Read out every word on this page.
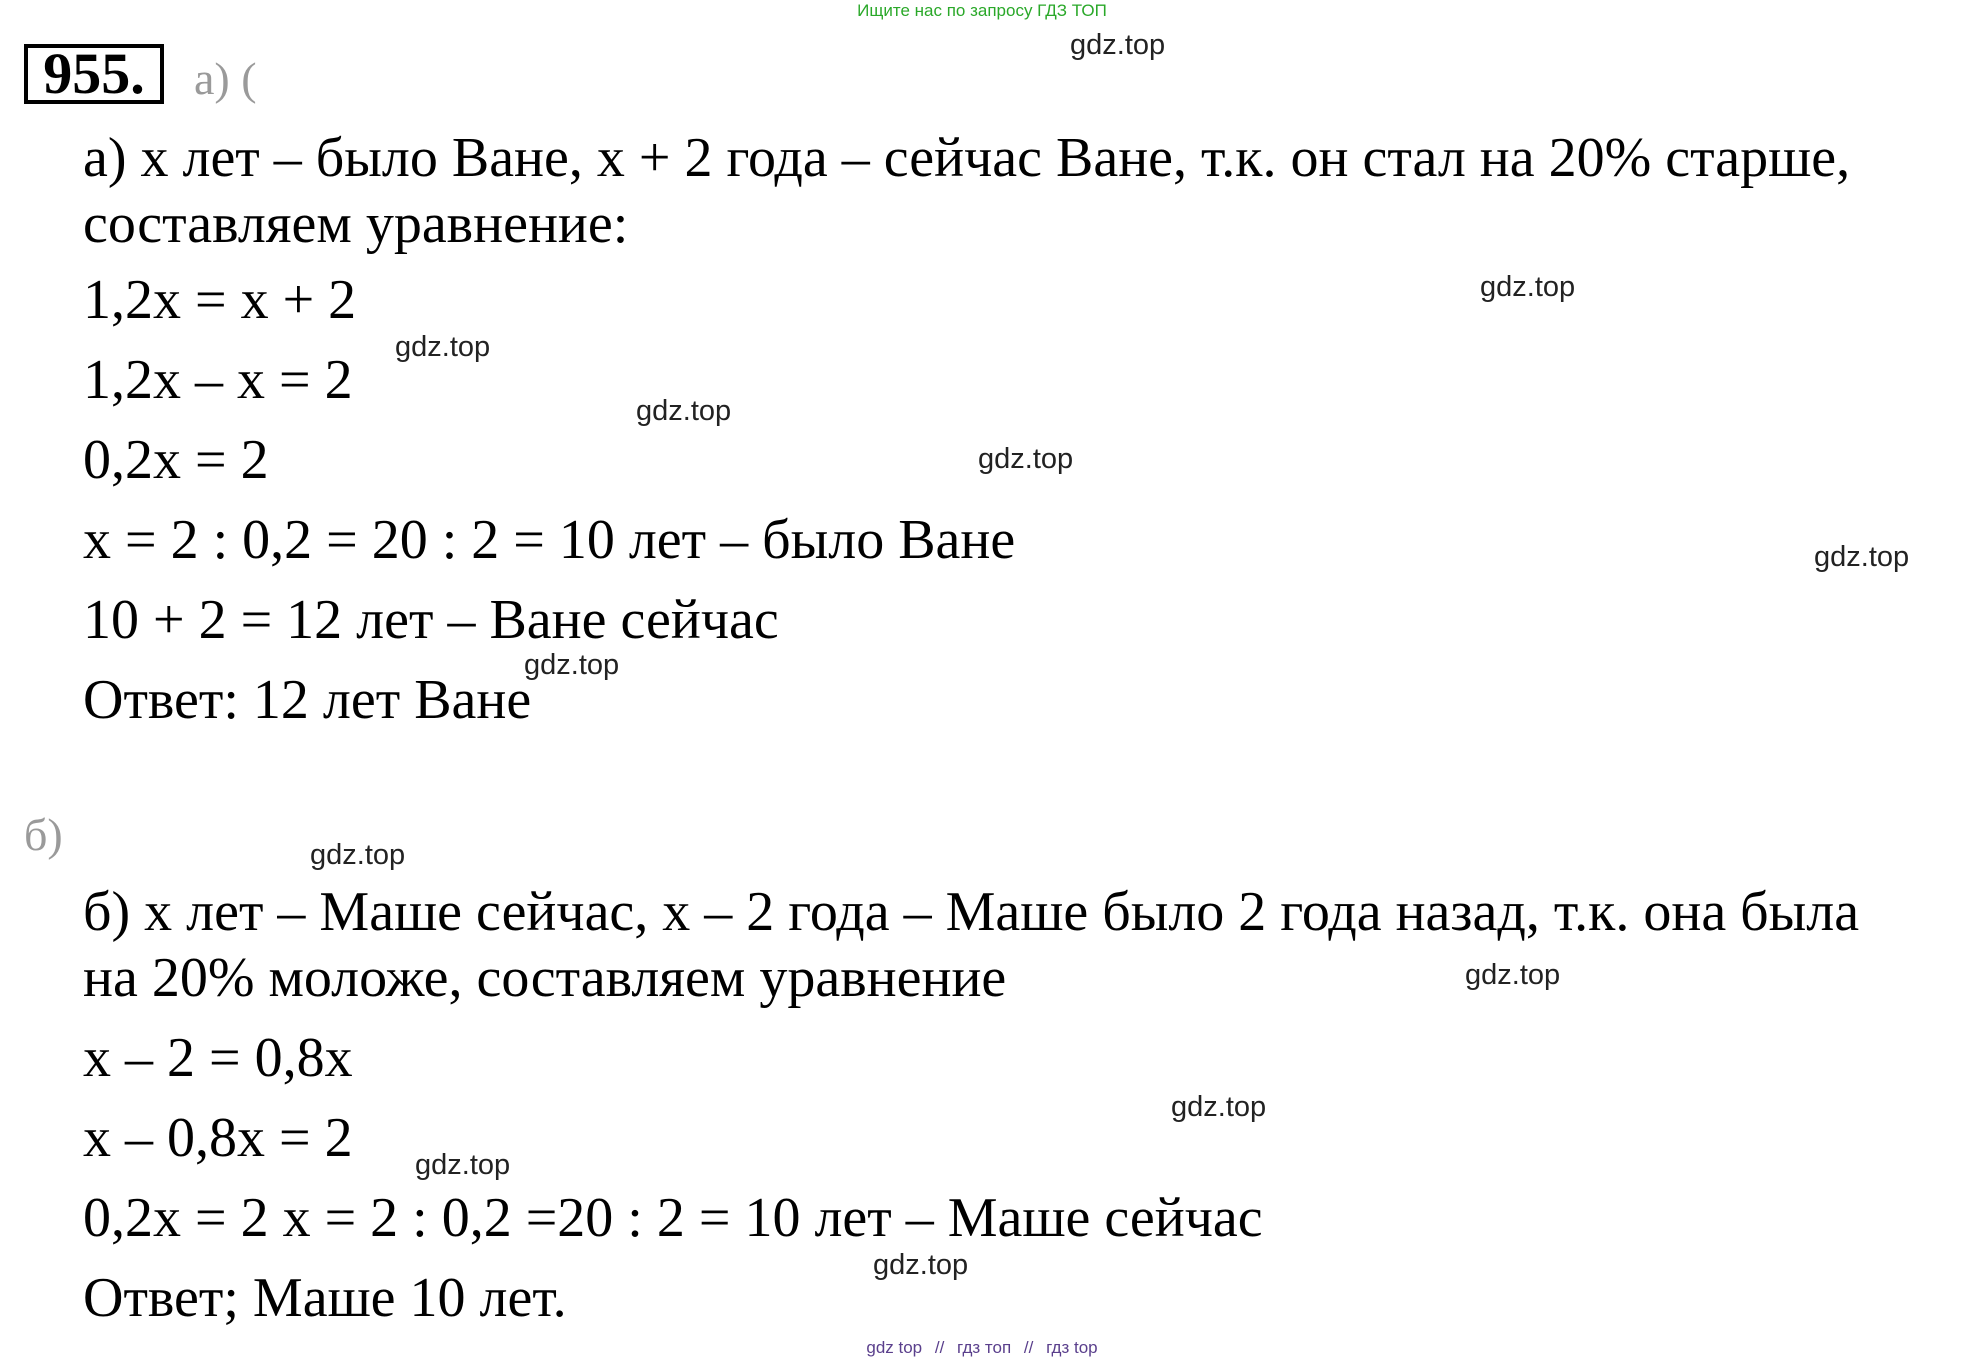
Ищите нас по запросу ГДЗ ТОП
955.	а) (
а) х лет – было Ване, х + 2 года – сейчас Ване, т.к. он стал на 20% старше,
составляем уравнение:
1,2х = х + 2
1,2х – х = 2
0,2х = 2
х = 2 : 0,2 = 20 : 2 = 10 лет – было Ване
10 + 2 = 12 лет – Ване сейчас
Ответ: 12 лет Ване
б)
б) х лет – Маше сейчас, х – 2 года – Маше было 2 года назад, т.к. она была
на 20% моложе, составляем уравнение
х – 2 = 0,8х
х – 0,8х = 2
0,2х = 2 х = 2 : 0,2 =20 : 2 = 10 лет – Маше сейчас
Ответ; Маше 10 лет.
gdz.top
gdz.top
gdz.top
gdz.top
gdz.top
gdz.top
gdz.top
gdz.top
gdz.top
gdz.top
gdz.top
gdz.top
gdz top // гдз топ // гдз top
